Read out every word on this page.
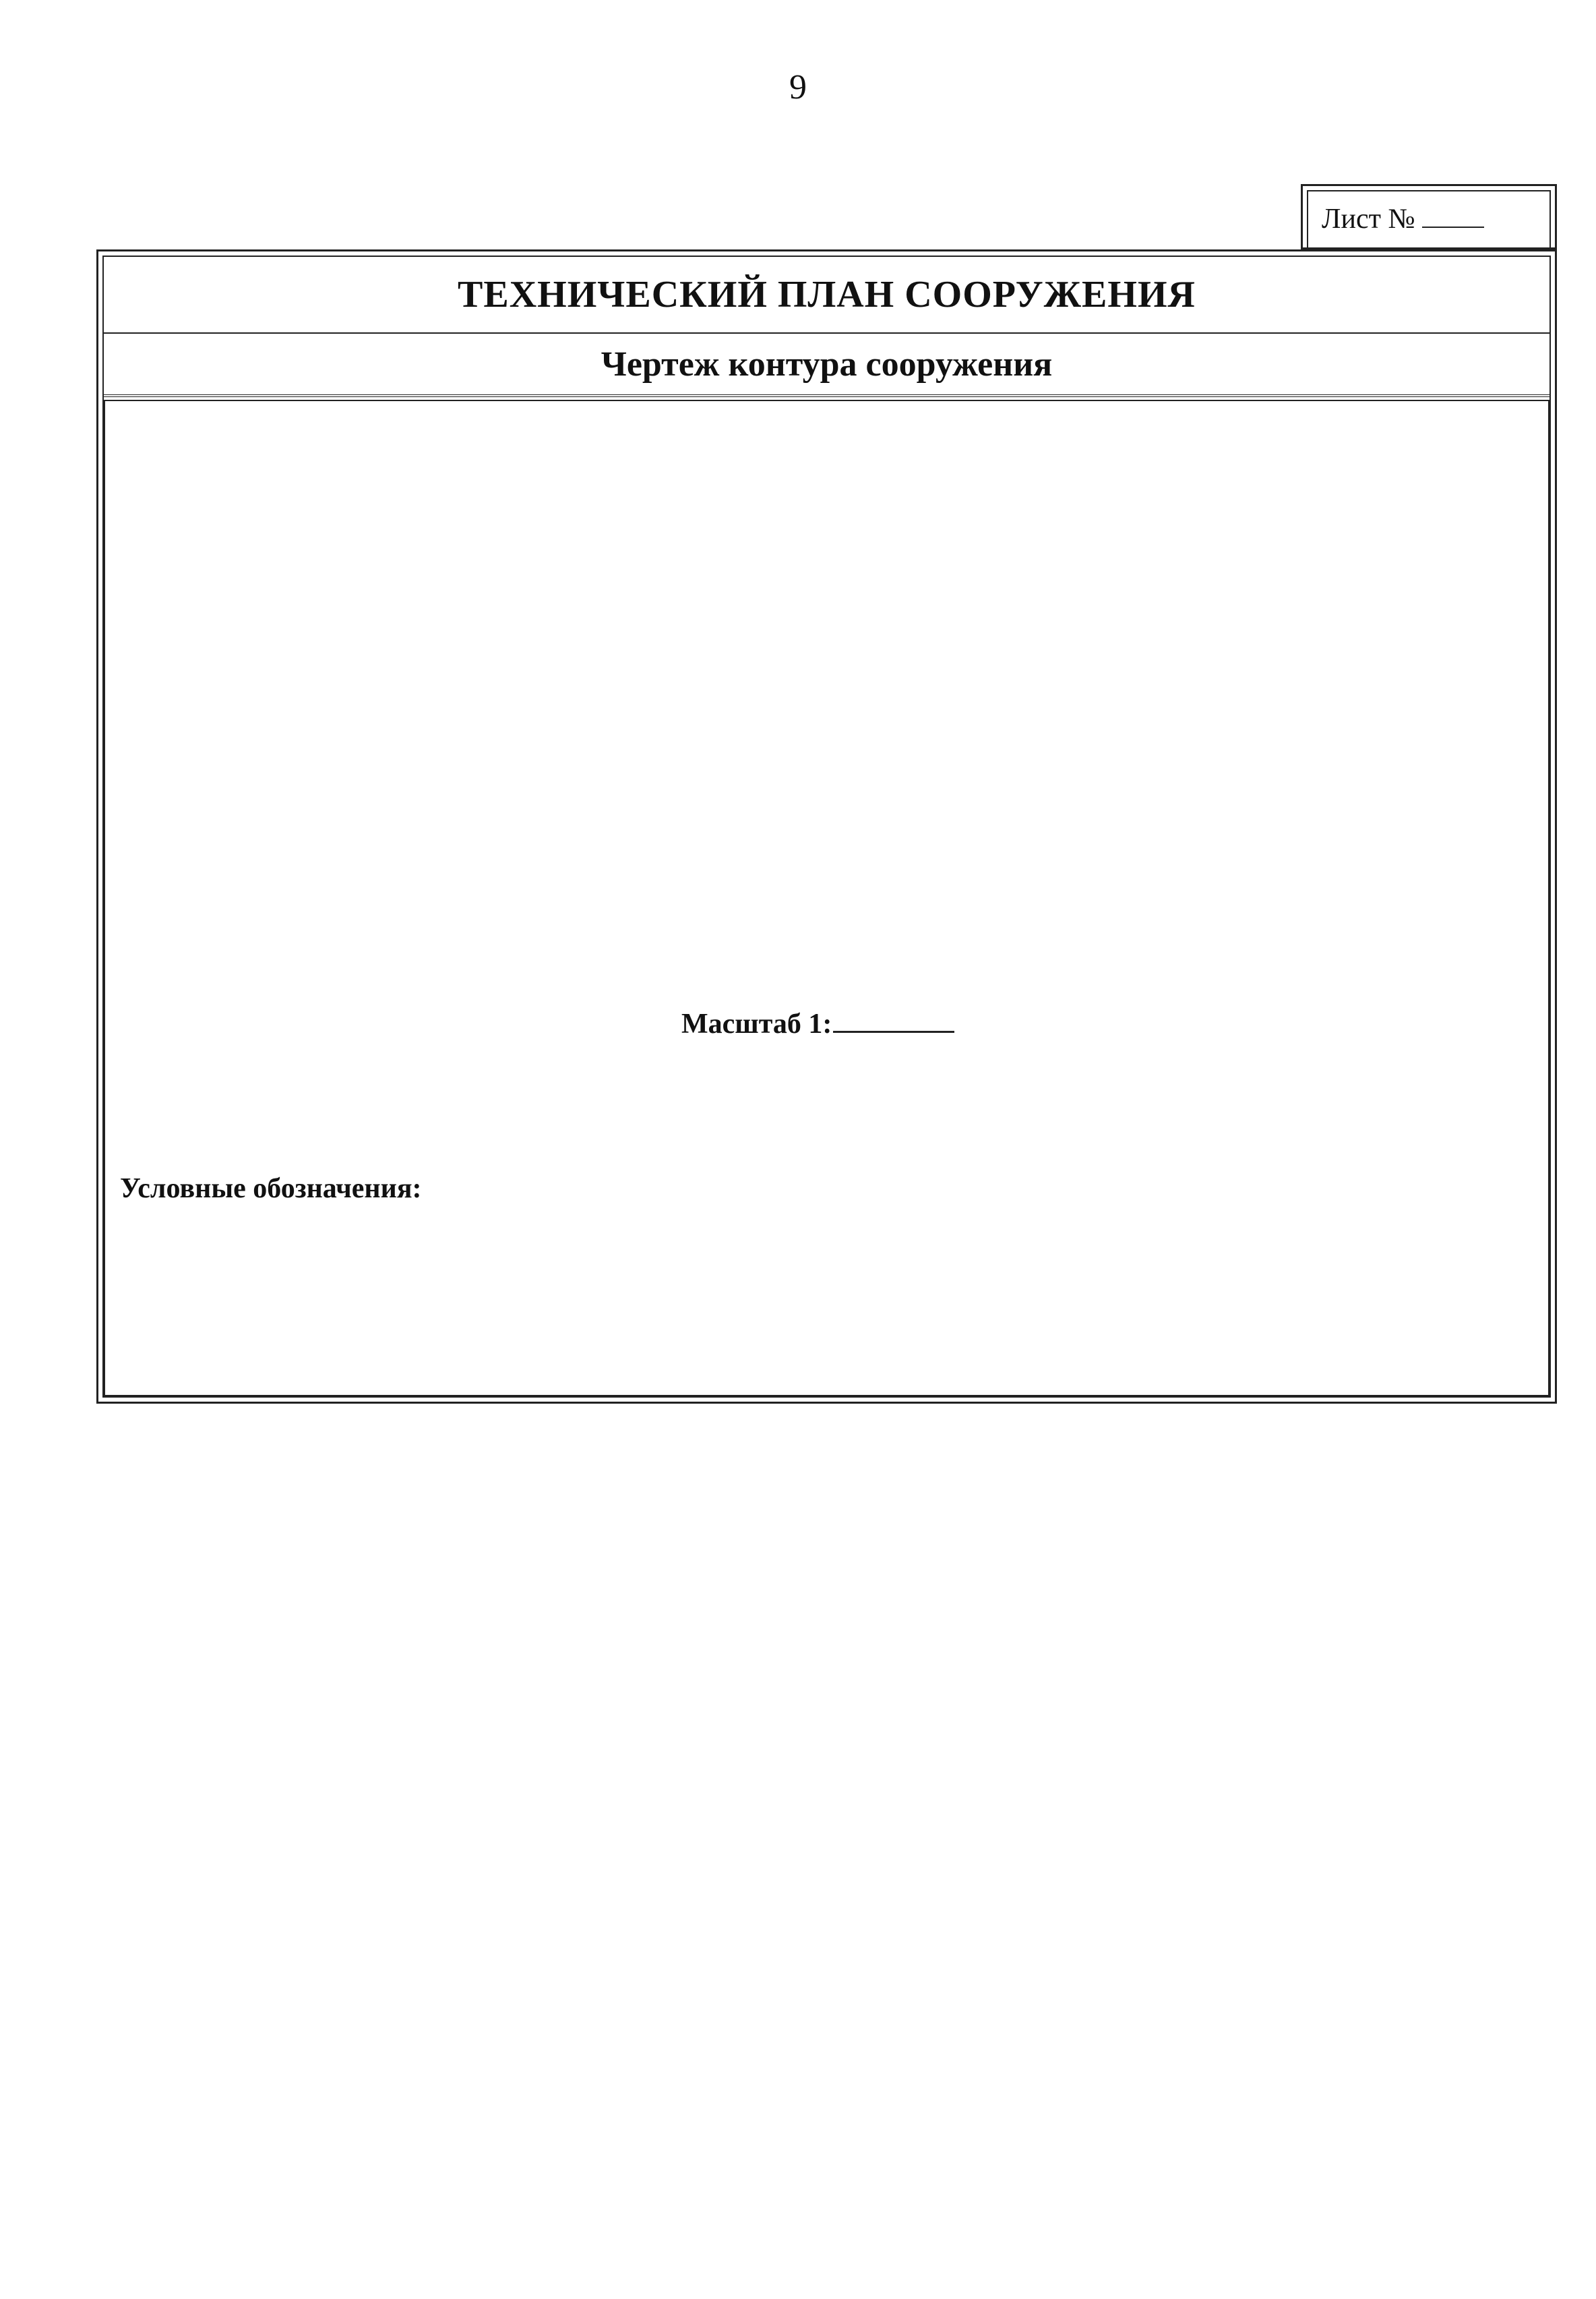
9
Лист №
ТЕХНИЧЕСКИЙ ПЛАН СООРУЖЕНИЯ
Чертеж контура сооружения
Масштаб 1:
Условные обозначения:
